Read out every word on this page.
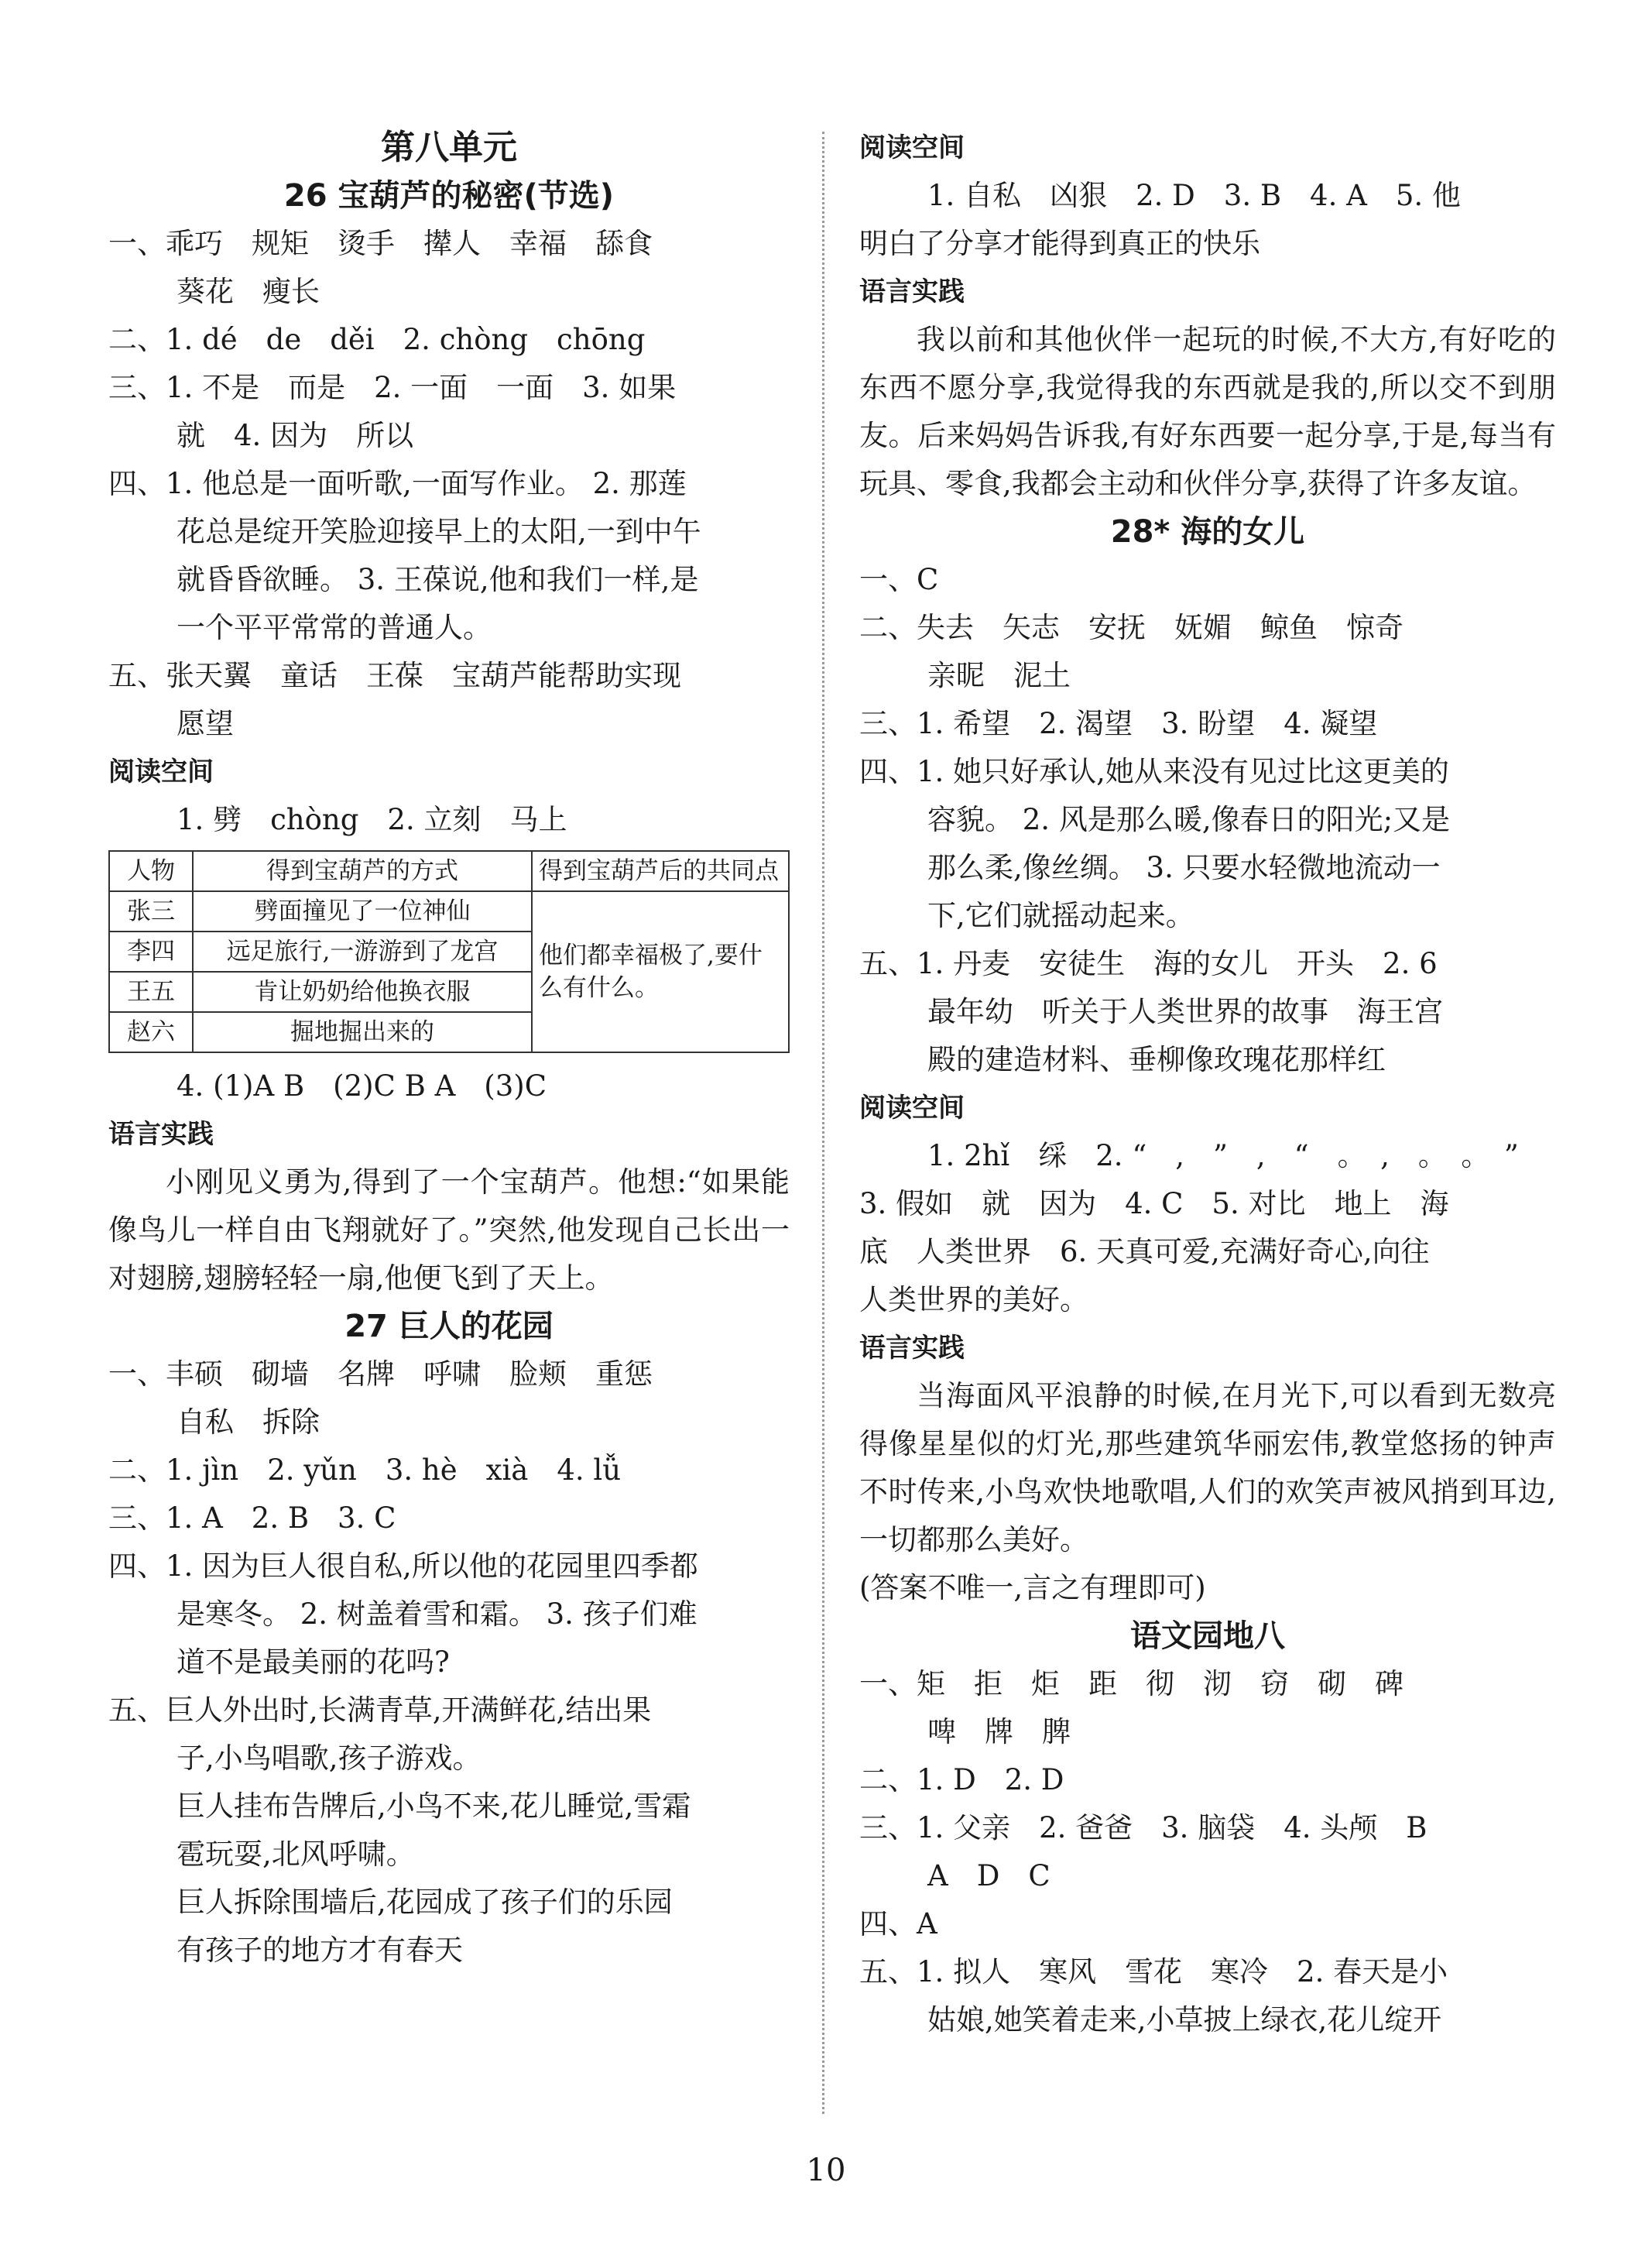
第八单元

26 宝葫芦的秘密(节选)

一、乖巧　规矩　烫手　撵人　幸福　舔食

葵花　瘦长

二、1. dé　de　děi　2. chòng　chōng

三、1. 不是　而是　2. 一面　一面　3. 如果

就　4. 因为　所以

四、1. 他总是一面听歌,一面写作业。 2. 那莲

花总是绽开笑脸迎接早上的太阳,一到中午

就昏昏欲睡。 3. 王葆说,他和我们一样,是

一个平平常常的普通人。

五、张天翼　童话　王葆　宝葫芦能帮助实现

愿望

阅读空间

1. 劈　chòng　2. 立刻　马上

人物	得到宝葫芦的方式	得到宝葫芦后的共同点
张三	劈面撞见了一位神仙	他们都幸福极了,要什么有什么。
李四	远足旅行,一游游到了龙宫	
王五	肯让奶奶给他换衣服	
赵六	掘地掘出来的	

4. (1)A B　(2)C B A　(3)C

语言实践

小刚见义勇为,得到了一个宝葫芦。他想:“如果能像鸟儿一样自由飞翔就好了。”突然,他发现自己长出一对翅膀,翅膀轻轻一扇,他便飞到了天上。

27 巨人的花园

一、丰硕　砌墙　名牌　呼啸　脸颊　重惩

自私　拆除

二、1. jìn　2. yǔn　3. hè　xià　4. lǚ

三、1. A　2. B　3. C

四、1. 因为巨人很自私,所以他的花园里四季都

是寒冬。 2. 树盖着雪和霜。 3. 孩子们难

道不是最美丽的花吗?

五、巨人外出时,长满青草,开满鲜花,结出果

子,小鸟唱歌,孩子游戏。

巨人挂布告牌后,小鸟不来,花儿睡觉,雪霜

雹玩耍,北风呼啸。

巨人拆除围墙后,花园成了孩子们的乐园

有孩子的地方才有春天

阅读空间

1. 自私　凶狠　2. D　3. B　4. A　5. 他

明白了分享才能得到真正的快乐

语言实践

我以前和其他伙伴一起玩的时候,不大方,有好吃的东西不愿分享,我觉得我的东西就是我的,所以交不到朋友。后来妈妈告诉我,有好东西要一起分享,于是,每当有玩具、零食,我都会主动和伙伴分享,获得了许多友谊。

28* 海的女儿

一、C

二、失去　矢志　安抚　妩媚　鲸鱼　惊奇

亲昵　泥土

三、1. 希望　2. 渴望　3. 盼望　4. 凝望

四、1. 她只好承认,她从来没有见过比这更美的

容貌。 2. 风是那么暖,像春日的阳光;又是

那么柔,像丝绸。 3. 只要水轻微地流动一

下,它们就摇动起来。

五、1. 丹麦　安徒生　海的女儿　开头　2. 6

最年幼　听关于人类世界的故事　海王宫

殿的建造材料、垂柳像玫瑰花那样红

阅读空间

1. 2hǐ　䌽　2. “　,　”　,　“　。　,　。　。　”

3. 假如　就　因为　4. C　5. 对比　地上　海

底　人类世界　6. 天真可爱,充满好奇心,向往

人类世界的美好。

语言实践

当海面风平浪静的时候,在月光下,可以看到无数亮得像星星似的灯光,那些建筑华丽宏伟,教堂悠扬的钟声不时传来,小鸟欢快地歌唱,人们的欢笑声被风捎到耳边,一切都那么美好。

(答案不唯一,言之有理即可)

语文园地八

一、矩　拒　炬　距　彻　沏　窃　砌　碑

啤　牌　脾

二、1. D　2. D

三、1. 父亲　2. 爸爸　3. 脑袋　4. 头颅　B

A　D　C

四、A

五、1. 拟人　寒风　雪花　寒冷　2. 春天是小

姑娘,她笑着走来,小草披上绿衣,花儿绽开

10
